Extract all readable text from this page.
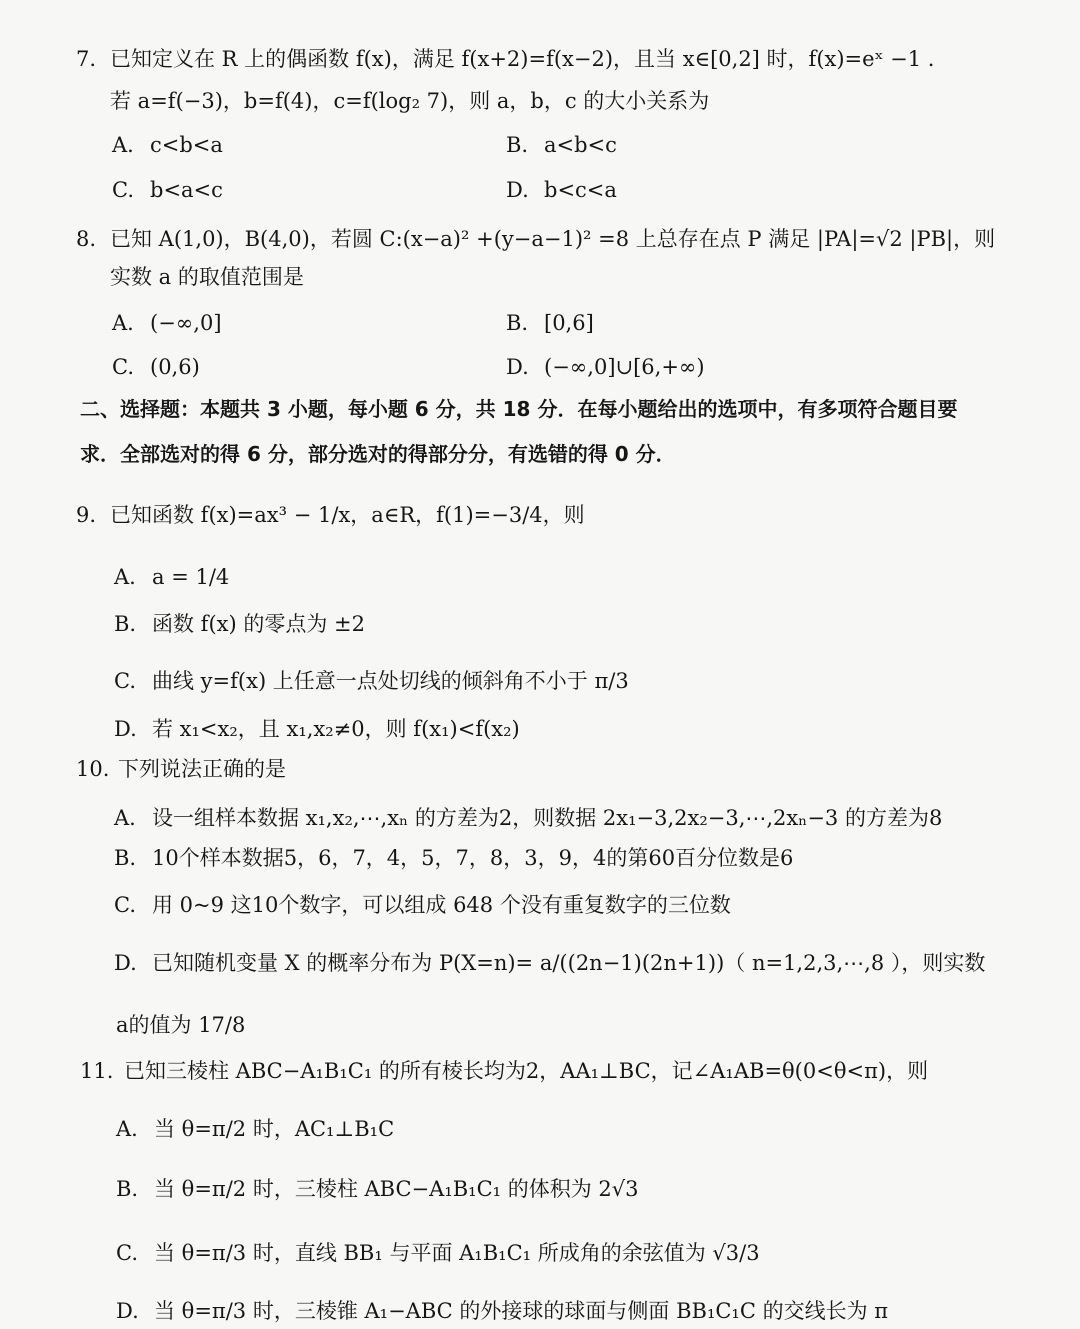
7. 已知定义在 R 上的偶函数 f(x)，满足 f(x+2)=f(x−2)，且当 x∈[0,2] 时，f(x)=eˣ −1 .
若 a=f(−3)，b=f(4)，c=f(log₂ 7)，则 a，b，c 的大小关系为
A. c<b<a	B. a<b<c
C. b<a<c	D. b<c<a
8. 已知 A(1,0)，B(4,0)，若圆 C:(x−a)² +(y−a−1)² =8 上总存在点 P 满足 |PA|=√2 |PB|，则
实数 a 的取值范围是
A. (−∞,0]	B. [0,6]
C. (0,6)	D. (−∞,0]∪[6,+∞)
二、选择题：本题共 3 小题，每小题 6 分，共 18 分．在每小题给出的选项中，有多项符合题目要
求．全部选对的得 6 分，部分选对的得部分分，有选错的得 0 分．
9. 已知函数 f(x)=ax³ − 1/x，a∈R，f(1)=−3/4，则
A. a = 1/4
B. 函数 f(x) 的零点为 ±2
C. 曲线 y=f(x) 上任意一点处切线的倾斜角不小于 π/3
D. 若 x₁<x₂，且 x₁,x₂≠0，则 f(x₁)<f(x₂)
10. 下列说法正确的是
A. 设一组样本数据 x₁,x₂,⋯,xₙ 的方差为2，则数据 2x₁−3,2x₂−3,⋯,2xₙ−3 的方差为8
B. 10个样本数据5，6，7，4，5，7，8，3，9，4的第60百分位数是6
C. 用 0~9 这10个数字，可以组成 648 个没有重复数字的三位数
D. 已知随机变量 X 的概率分布为 P(X=n)= a/((2n−1)(2n+1))（ n=1,2,3,⋯,8 ），则实数
a的值为 17/8
11. 已知三棱柱 ABC−A₁B₁C₁ 的所有棱长均为2，AA₁⊥BC，记∠A₁AB=θ(0<θ<π)，则
A. 当 θ=π/2 时，AC₁⊥B₁C
B. 当 θ=π/2 时，三棱柱 ABC−A₁B₁C₁ 的体积为 2√3
C. 当 θ=π/3 时，直线 BB₁ 与平面 A₁B₁C₁ 所成角的余弦值为 √3/3
D. 当 θ=π/3 时，三棱锥 A₁−ABC 的外接球的球面与侧面 BB₁C₁C 的交线长为 π
